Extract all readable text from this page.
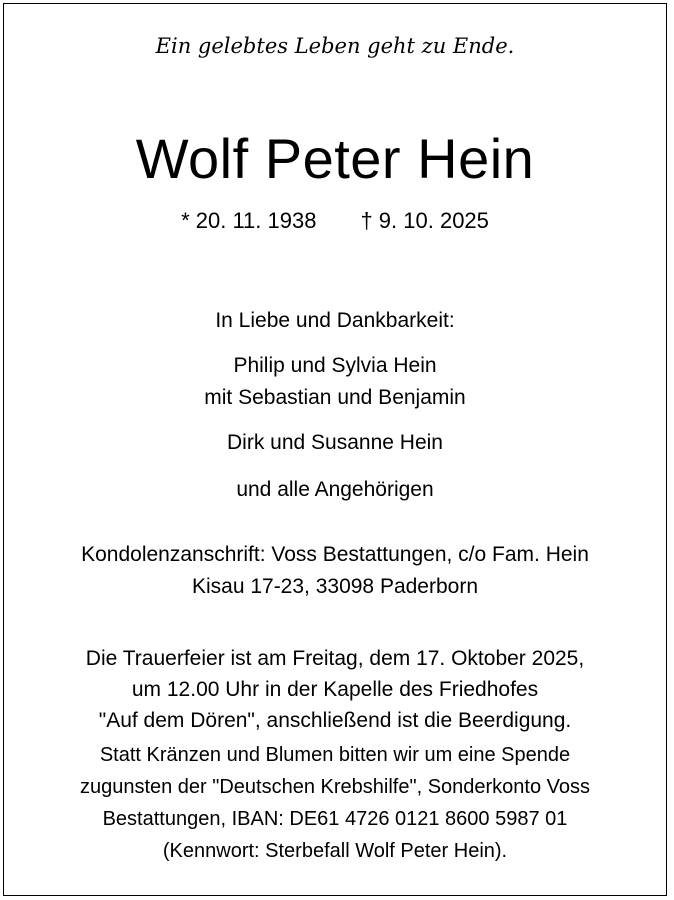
Ein gelebtes Leben geht zu Ende.
Wolf Peter Hein
* 20. 11. 1938 † 9. 10. 2025
In Liebe und Dankbarkeit:
Philip und Sylvia Hein
mit Sebastian und Benjamin
Dirk und Susanne Hein
und alle Angehörigen
Kondolenzanschrift: Voss Bestattungen, c/o Fam. Hein
Kisau 17-23, 33098 Paderborn
Die Trauerfeier ist am Freitag, dem 17. Oktober 2025,
um 12.00 Uhr in der Kapelle des Friedhofes
"Auf dem Dören", anschließend ist die Beerdigung.
Statt Kränzen und Blumen bitten wir um eine Spende
zugunsten der "Deutschen Krebshilfe", Sonderkonto Voss
Bestattungen, IBAN: DE61 4726 0121 8600 5987 01
(Kennwort: Sterbefall Wolf Peter Hein).
